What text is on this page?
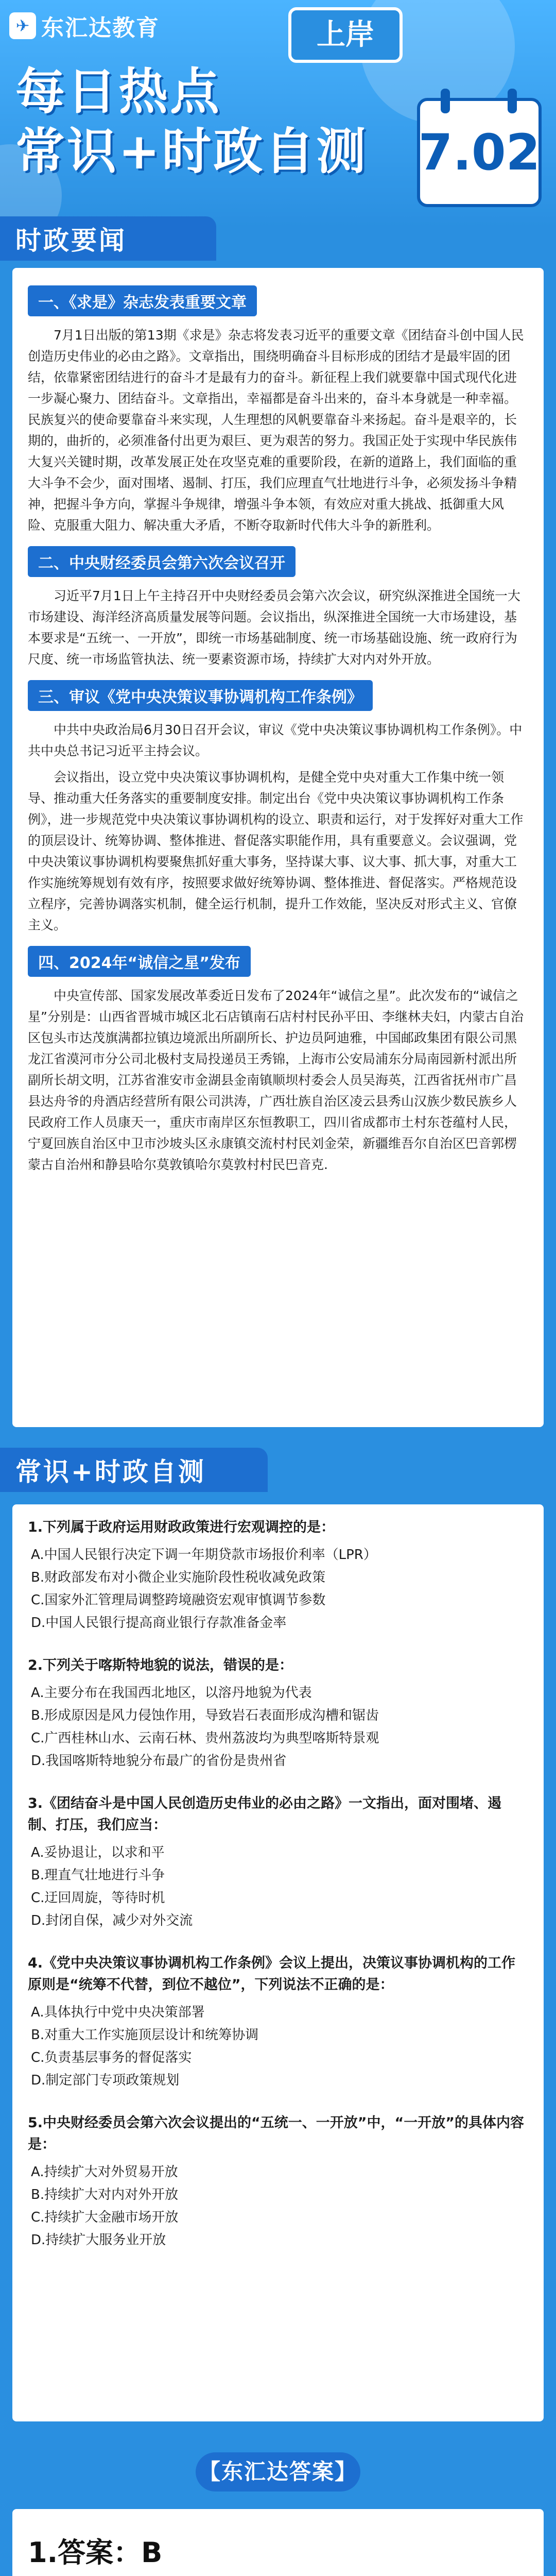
✈ 东汇达教育	上岸
每日热点
常识+时政自测 7.02
时政要闻
一、《求是》杂志发表重要文章

7月1日出版的第13期《求是》杂志将发表习近平的重要文章《团结奋斗创中国人民创造历史伟业的必由之路》。文章指出，围绕明确奋斗目标形成的团结才是最牢固的团结，依靠紧密团结进行的奋斗才是最有力的奋斗。新征程上我们就要靠中国式现代化进一步凝心聚力、团结奋斗。文章指出，幸福都是奋斗出来的，奋斗本身就是一种幸福。民族复兴的使命要靠奋斗来实现，人生理想的风帆要靠奋斗来扬起。奋斗是艰辛的，长期的，曲折的，必须准备付出更为艰巨、更为艰苦的努力。我国正处于实现中华民族伟大复兴关键时期，改革发展正处在攻坚克难的重要阶段，在新的道路上，我们面临的重大斗争不会少，面对围堵、遏制、打压，我们应理直气壮地进行斗争，必须发扬斗争精神，把握斗争方向，掌握斗争规律，增强斗争本领，有效应对重大挑战、抵御重大风险、克服重大阻力、解决重大矛盾，不断夺取新时代伟大斗争的新胜利。

二、中央财经委员会第六次会议召开

习近平7月1日上午主持召开中央财经委员会第六次会议，研究纵深推进全国统一大市场建设、海洋经济高质量发展等问题。会议指出，纵深推进全国统一大市场建设，基本要求是“五统一、一开放”，即统一市场基础制度、统一市场基础设施、统一政府行为尺度、统一市场监管执法、统一要素资源市场，持续扩大对内对外开放。

三、审议《党中央决策议事协调机构工作条例》

中共中央政治局6月30日召开会议，审议《党中央决策议事协调机构工作条例》。中共中央总书记习近平主持会议。

会议指出，设立党中央决策议事协调机构，是健全党中央对重大工作集中统一领导、推动重大任务落实的重要制度安排。制定出台《党中央决策议事协调机构工作条例》，进一步规范党中央决策议事协调机构的设立、职责和运行，对于发挥好对重大工作的顶层设计、统筹协调、整体推进、督促落实职能作用，具有重要意义。会议强调，党中央决策议事协调机构要聚焦抓好重大事务，坚持谋大事、议大事、抓大事，对重大工作实施统筹规划有效有序，按照要求做好统筹协调、整体推进、督促落实。严格规范设立程序，完善协调落实机制，健全运行机制，提升工作效能，坚决反对形式主义、官僚主义。

四、2024年“诚信之星”发布

中央宣传部、国家发展改革委近日发布了2024年“诚信之星”。此次发布的“诚信之星”分别是：山西省晋城市城区北石店镇南石店村村民孙平田、李继林夫妇，内蒙古自治区包头市达茂旗满都拉镇边境派出所副所长、护边员阿迪雅，中国邮政集团有限公司黑龙江省漠河市分公司北极村支局投递员王秀锦，上海市公安局浦东分局南园新村派出所副所长胡文明，江苏省淮安市金湖县金南镇顺坝村委会人员吴海英，江西省抚州市广昌县达舟爷的舟酒店经营所有限公司洪涛，广西壮族自治区凌云县秀山汉族少数民族乡人民政府工作人员康天一，重庆市南岸区东恒教职工，四川省成都市土村东苍蕴村人民，宁夏回族自治区中卫市沙坡头区永康镇交流村村民刘金荣，新疆维吾尔自治区巴音郭楞蒙古自治州和静县哈尔莫敦镇哈尔莫敦村村民巴音克.

常识+时政自测

1.下列属于政府运用财政政策进行宏观调控的是：

A.中国人民银行决定下调一年期贷款市场报价利率（LPR）
B.财政部发布对小微企业实施阶段性税收减免政策
C.国家外汇管理局调整跨境融资宏观审慎调节参数
D.中国人民银行提高商业银行存款准备金率

2.下列关于喀斯特地貌的说法，错误的是：

A.主要分布在我国西北地区，以溶丹地貌为代表
B.形成原因是风力侵蚀作用，导致岩石表面形成沟槽和锯齿
C.广西桂林山水、云南石林、贵州荔波均为典型喀斯特景观
D.我国喀斯特地貌分布最广的省份是贵州省

3.《团结奋斗是中国人民创造历史伟业的必由之路》一文指出，面对围堵、遏制、打压，我们应当：

A.妥协退让，以求和平
B.理直气壮地进行斗争
C.迂回周旋，等待时机
D.封闭自保，减少对外交流

4.《党中央决策议事协调机构工作条例》会议上提出，决策议事协调机构的工作原则是“统筹不代替，到位不越位”，下列说法不正确的是：

A.具体执行中党中央决策部署
B.对重大工作实施顶层设计和统筹协调
C.负责基层事务的督促落实
D.制定部门专项政策规划

5.中央财经委员会第六次会议提出的“五统一、一开放”中，“一开放”的具体内容是：

A.持续扩大对外贸易开放
B.持续扩大对内对外开放
C.持续扩大金融市场开放
D.持续扩大服务业开放
【东汇达答案】
1.答案：B
